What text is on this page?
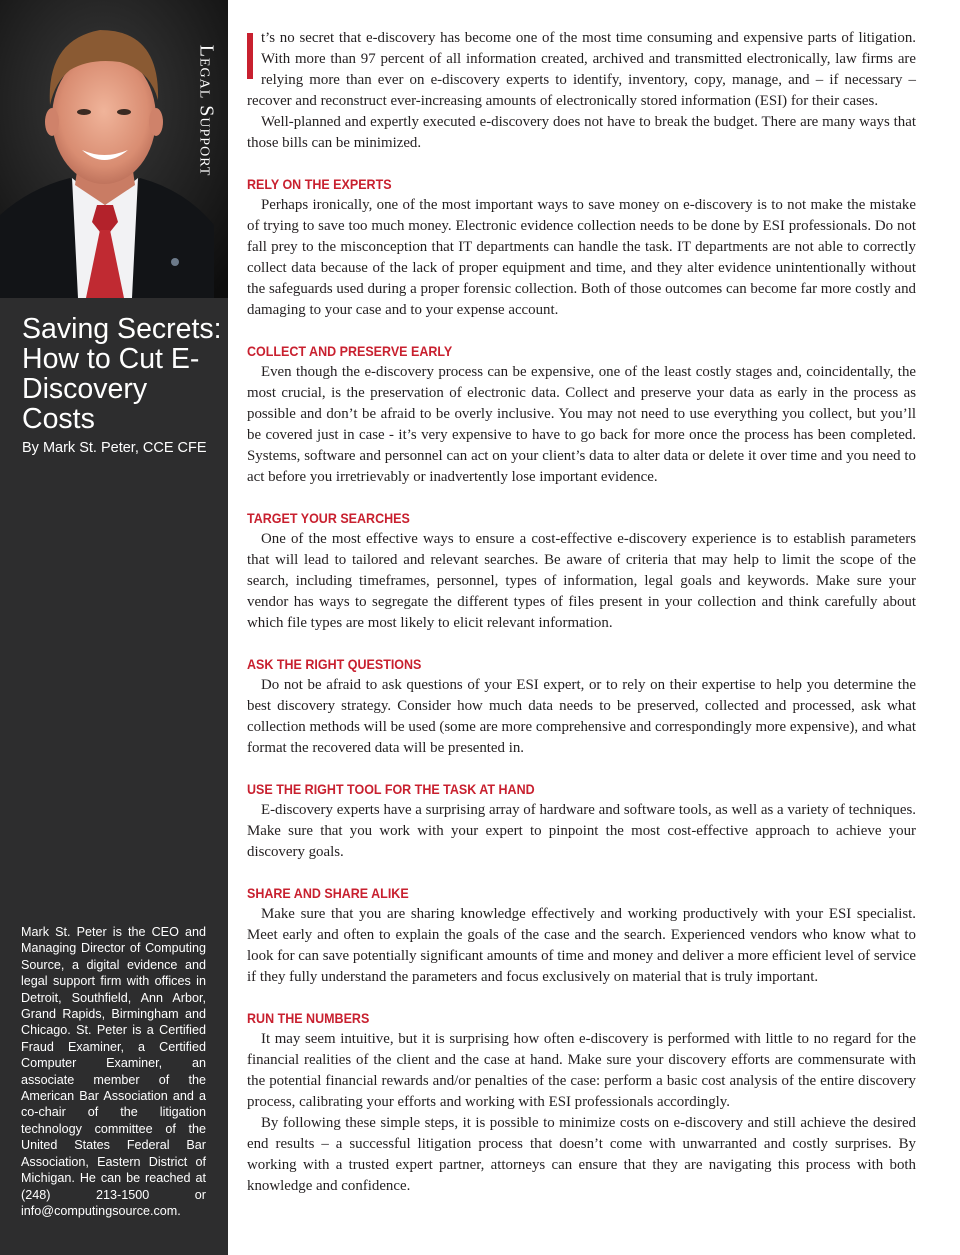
Legal Support
Saving Secrets: How to Cut E-Discovery Costs
By Mark St. Peter, CCE CFE

Mark St. Peter is the CEO and Managing Director of Computing Source, a digital evidence and legal support firm with offices in Detroit, Southfield, Ann Arbor, Grand Rapids, Birmingham and Chicago. St. Peter is a Certified Fraud Examiner, a Certified Computer Examiner, an associate member of the American Bar Association and a co-chair of the litigation technology committee of the United States Federal Bar Association, Eastern District of Michigan. He can be reached at (248) 213-1500 or info@computingsource.com.

t’s no secret that e-discovery has become one of the most time consuming and expensive parts of litigation. With more than 97 percent of all information created, archived and transmitted electronically, law firms are relying more than ever on e-discovery experts to identify, inventory, copy, manage, and – if necessary – recover and reconstruct ever-increasing amounts of electronically stored information (ESI) for their cases.

Well-planned and expertly executed e-discovery does not have to break the budget. There are many ways that those bills can be minimized.

RELY ON THE EXPERTS

Perhaps ironically, one of the most important ways to save money on e-discovery is to not make the mistake of trying to save too much money. Electronic evidence collection needs to be done by ESI professionals. Do not fall prey to the misconception that IT departments can handle the task. IT departments are not able to correctly collect data because of the lack of proper equipment and time, and they alter evidence unintentionally without the safeguards used during a proper forensic collection. Both of those outcomes can become far more costly and damaging to your case and to your expense account.

COLLECT AND PRESERVE EARLY

Even though the e-discovery process can be expensive, one of the least costly stages and, coincidentally, the most crucial, is the preservation of electronic data. Collect and preserve your data as early in the process as possible and don’t be afraid to be overly inclusive. You may not need to use everything you collect, but you’ll be covered just in case - it’s very expensive to have to go back for more once the process has been completed. Systems, software and personnel can act on your client’s data to alter data or delete it over time and you need to act before you irretrievably or inadvertently lose important evidence.

TARGET YOUR SEARCHES

One of the most effective ways to ensure a cost-effective e-discovery experience is to establish parameters that will lead to tailored and relevant searches. Be aware of criteria that may help to limit the scope of the search, including timeframes, personnel, types of information, legal goals and keywords. Make sure your vendor has ways to segregate the different types of files present in your collection and think carefully about which file types are most likely to elicit relevant information.

ASK THE RIGHT QUESTIONS

Do not be afraid to ask questions of your ESI expert, or to rely on their expertise to help you determine the best discovery strategy. Consider how much data needs to be preserved, collected and processed, ask what collection methods will be used (some are more comprehensive and correspondingly more expensive), and what format the recovered data will be presented in.

USE THE RIGHT TOOL FOR THE TASK AT HAND

E-discovery experts have a surprising array of hardware and software tools, as well as a variety of techniques. Make sure that you work with your expert to pinpoint the most cost-effective approach to achieve your discovery goals.

SHARE AND SHARE ALIKE

Make sure that you are sharing knowledge effectively and working productively with your ESI specialist. Meet early and often to explain the goals of the case and the search. Experienced vendors who know what to look for can save potentially significant amounts of time and money and deliver a more efficient level of service if they fully understand the parameters and focus exclusively on material that is truly important.

RUN THE NUMBERS

It may seem intuitive, but it is surprising how often e-discovery is performed with little to no regard for the financial realities of the client and the case at hand. Make sure your discovery efforts are commensurate with the potential financial rewards and/or penalties of the case: perform a basic cost analysis of the entire discovery process, calibrating your efforts and working with ESI professionals accordingly.

By following these simple steps, it is possible to minimize costs on e-discovery and still achieve the desired end results – a successful litigation process that doesn’t come with unwarranted and costly surprises. By working with a trusted expert partner, attorneys can ensure that they are navigating this process with both knowledge and confidence.
